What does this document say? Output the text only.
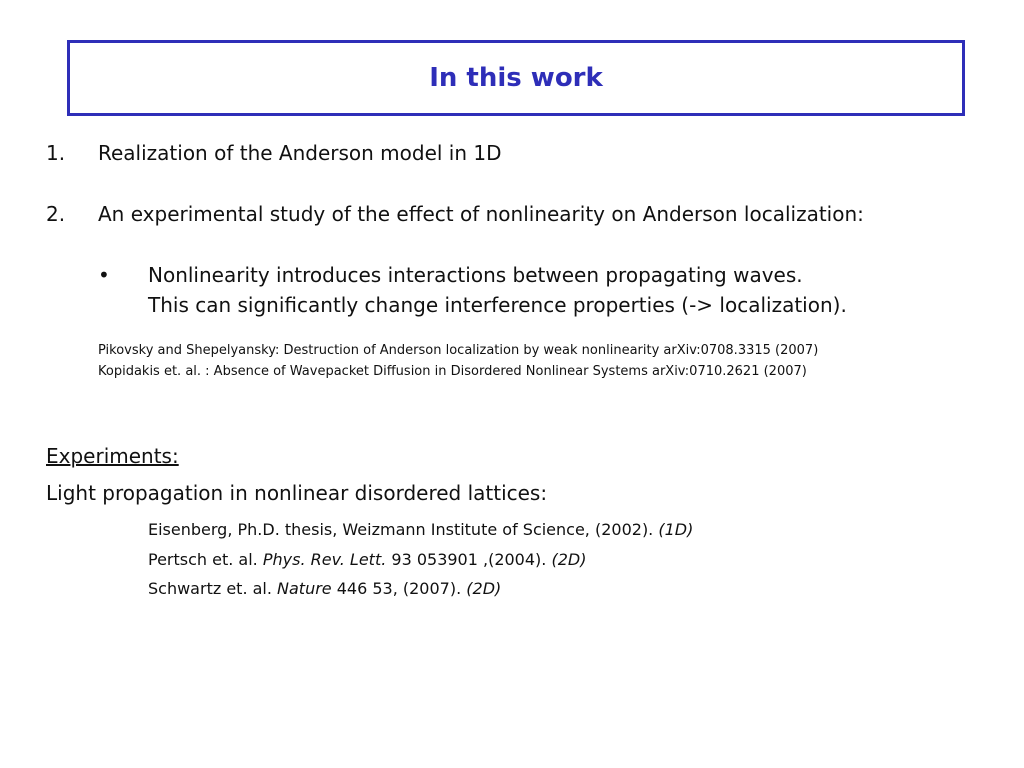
In this work
1. Realization of the Anderson model in 1D
2. An experimental study of the effect of nonlinearity on Anderson localization:
• Nonlinearity introduces interactions between propagating waves.
This can significantly change interference properties (-> localization).
Pikovsky and Shepelyansky: Destruction of Anderson localization by weak nonlinearity arXiv:0708.3315 (2007)
Kopidakis et. al. : Absence of Wavepacket Diffusion in Disordered Nonlinear Systems arXiv:0710.2621 (2007)
Experiments:
Light propagation in nonlinear disordered lattices:
Eisenberg, Ph.D. thesis, Weizmann Institute of Science, (2002). (1D)
Pertsch et. al. Phys. Rev. Lett. 93 053901 ,(2004). (2D)
Schwartz et. al. Nature 446 53, (2007). (2D)
